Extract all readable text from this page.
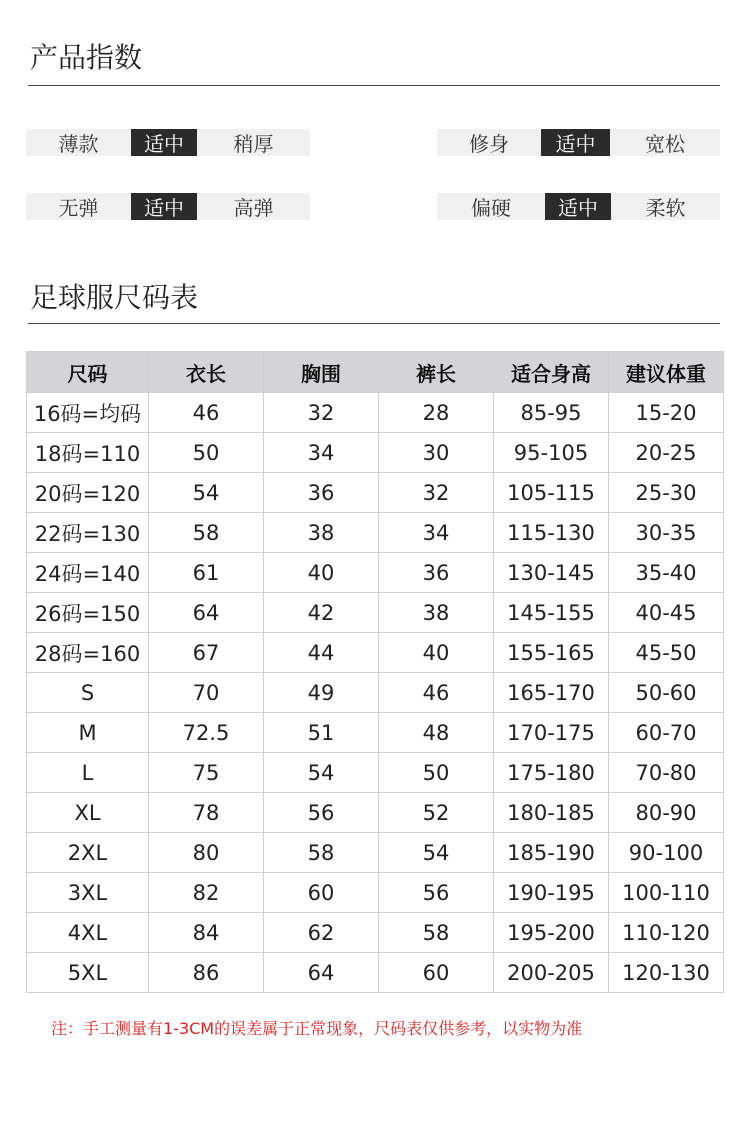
产品指数
薄款	适中	稍厚	修身	适中	宽松
无弹	适中	高弹	偏硬	适中	柔软
足球服尺码表
尺码	衣长	胸围	裤长	适合身高	建议体重
16码=均码	46	32	28	85-95	15-20
18码=110	50	34	30	95-105	20-25
20码=120	54	36	32	105-115	25-30
22码=130	58	38	34	115-130	30-35
24码=140	61	40	36	130-145	35-40
26码=150	64	42	38	145-155	40-45
28码=160	67	44	40	155-165	45-50
S	70	49	46	165-170	50-60
M	72.5	51	48	170-175	60-70
L	75	54	50	175-180	70-80
XL	78	56	52	180-185	80-90
2XL	80	58	54	185-190	90-100
3XL	82	60	56	190-195	100-110
4XL	84	62	58	195-200	110-120
5XL	86	64	60	200-205	120-130
注：手工测量有1-3CM的误差属于正常现象，尺码表仅供参考，以实物为准
